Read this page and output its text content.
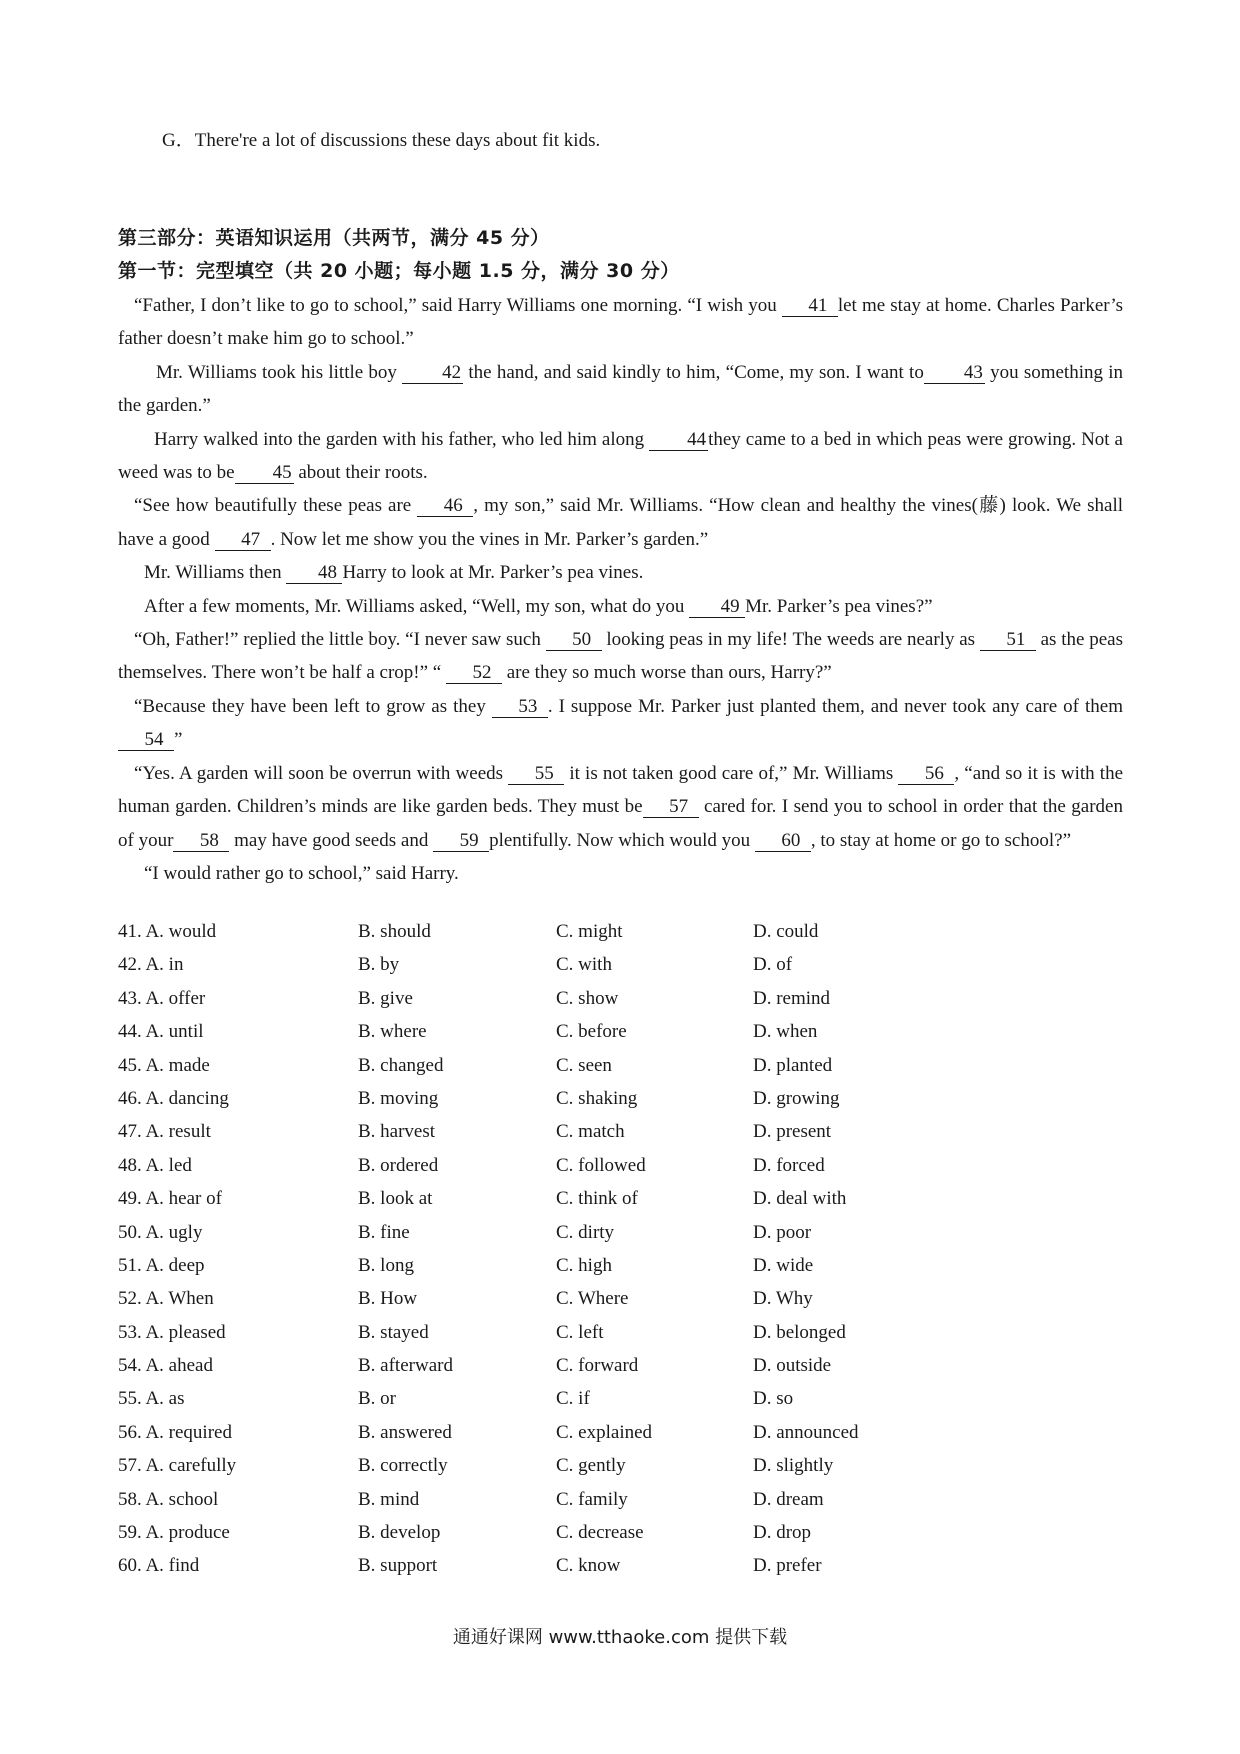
G．There're a lot of discussions these days about fit kids.
第三部分：英语知识运用（共两节，满分 45 分）
第一节：完型填空（共 20 小题；每小题 1.5 分，满分 30 分）

“Father, I don’t like to go to school,” said Harry Williams one morning. “I wish you 41 let me stay at home. Charles Parker’s father doesn’t make him go to school.”

Mr. Williams took his little boy 42 the hand, and said kindly to him, “Come, my son. I want to 43 you something in the garden.”

Harry walked into the garden with his father, who led him along 44 they came to a bed in which peas were growing. Not a weed was to be 45 about their roots.

“See how beautifully these peas are 46 , my son,” said Mr. Williams. “How clean and healthy the vines(藤) look. We shall have a good 47 . Now let me show you the vines in Mr. Parker’s garden.”

Mr. Williams then 48 Harry to look at Mr. Parker’s pea vines.

After a few moments, Mr. Williams asked, “Well, my son, what do you 49 Mr. Parker’s pea vines?”

“Oh, Father!” replied the little boy. “I never saw such 50 looking peas in my life! The weeds are nearly as 51 as the peas themselves. There won’t be half a crop!” “ 52 are they so much worse than ours, Harry?”

“Because they have been left to grow as they 53 . I suppose Mr. Parker just planted them, and never took any care of them 54 ”

“Yes. A garden will soon be overrun with weeds 55 it is not taken good care of,” Mr. Williams 56 , “and so it is with the human garden. Children’s minds are like garden beds. They must be 57 cared for. I send you to school in order that the garden of your 58 may have good seeds and 59 plentifully. Now which would you 60 , to stay at home or go to school?”

“I would rather go to school,” said Harry.

41. A. would	B. should	C. might	D. could
42. A. in	B. by	C. with	D. of
43. A. offer	B. give	C. show	D. remind
44. A. until	B. where	C. before	D. when
45. A. made	B. changed	C. seen	D. planted
46. A. dancing	B. moving	C. shaking	D. growing
47. A. result	B. harvest	C. match	D. present
48. A. led	B. ordered	C. followed	D. forced
49. A. hear of	B. look at	C. think of	D. deal with
50. A. ugly	B. fine	C. dirty	D. poor
51. A. deep	B. long	C. high	D. wide
52. A. When	B. How	C. Where	D. Why
53. A. pleased	B. stayed	C. left	D. belonged
54. A. ahead	B. afterward	C. forward	D. outside
55. A. as	B. or	C. if	D. so
56. A. required	B. answered	C. explained	D. announced
57. A. carefully	B. correctly	C. gently	D. slightly
58. A. school	B. mind	C. family	D. dream
59. A. produce	B. develop	C. decrease	D. drop
60. A. find	B. support	C. know	D. prefer
通通好课网 www.tthaoke.com 提供下载
